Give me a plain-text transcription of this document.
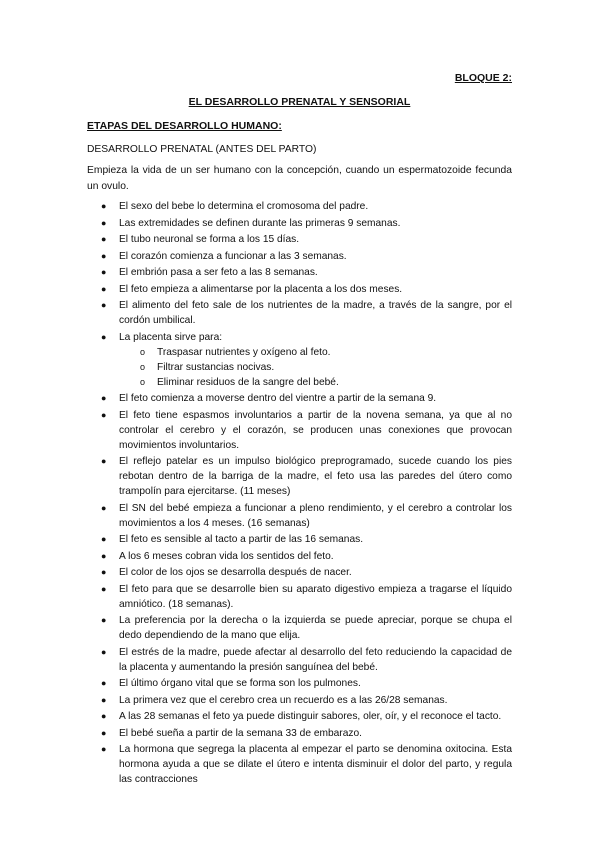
BLOQUE 2:
EL DESARROLLO PRENATAL Y SENSORIAL
ETAPAS DEL DESARROLLO HUMANO:
DESARROLLO PRENATAL (ANTES DEL PARTO)
Empieza la vida de un ser humano con la concepción, cuando un espermatozoide fecunda un ovulo.
● El sexo del bebe lo determina el cromosoma del padre.
● Las extremidades se definen durante las primeras 9 semanas.
● El tubo neuronal se forma a los 15 días.
● El corazón comienza a funcionar a las 3 semanas.
● El embrión pasa a ser feto a las 8 semanas.
● El feto empieza a alimentarse por la placenta a los dos meses.
● El alimento del feto sale de los nutrientes de la madre, a través de la sangre, por el cordón umbilical.
● La placenta sirve para:
o Traspasar nutrientes y oxígeno al feto.
o Filtrar sustancias nocivas.
o Eliminar residuos de la sangre del bebé.
● El feto comienza a moverse dentro del vientre a partir de la semana 9.
● El feto tiene espasmos involuntarios a partir de la novena semana, ya que al no controlar el cerebro y el corazón, se producen unas conexiones que provocan movimientos involuntarios.
● El reflejo patelar es un impulso biológico preprogramado, sucede cuando los pies rebotan dentro de la barriga de la madre, el feto usa las paredes del útero como trampolín para ejercitarse. (11 meses)
● El SN del bebé empieza a funcionar a pleno rendimiento, y el cerebro a controlar los movimientos a los 4 meses. (16 semanas)
● El feto es sensible al tacto a partir de las 16 semanas.
● A los 6 meses cobran vida los sentidos del feto.
● El color de los ojos se desarrolla después de nacer.
● El feto para que se desarrolle bien su aparato digestivo empieza a tragarse el líquido amniótico. (18 semanas).
● La preferencia por la derecha o la izquierda se puede apreciar, porque se chupa el dedo dependiendo de la mano que elija.
● El estrés de la madre, puede afectar al desarrollo del feto reduciendo la capacidad de la placenta y aumentando la presión sanguínea del bebé.
● El último órgano vital que se forma son los pulmones.
● La primera vez que el cerebro crea un recuerdo es a las 26/28 semanas.
● A las 28 semanas el feto ya puede distinguir sabores, oler, oír, y el reconoce el tacto.
● El bebé sueña a partir de la semana 33 de embarazo.
● La hormona que segrega la placenta al empezar el parto se denomina oxitocina. Esta hormona ayuda a que se dilate el útero e intenta disminuir el dolor del parto, y regula las contracciones
